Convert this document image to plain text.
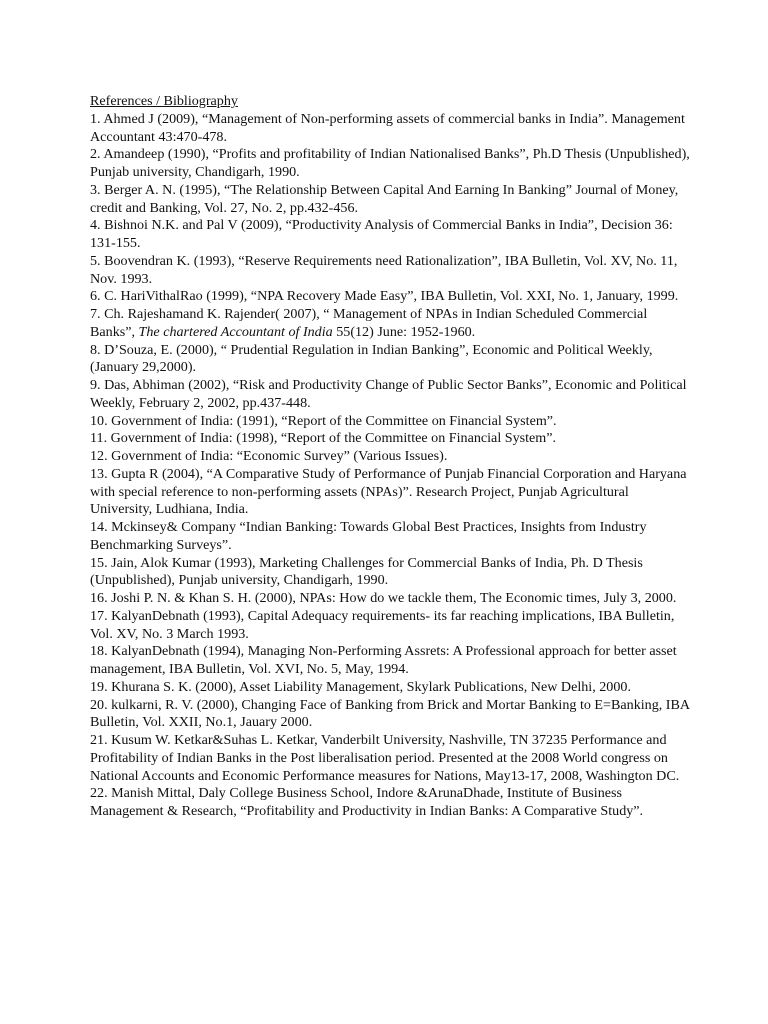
References / Bibliography
1. Ahmed J (2009), “Management of Non-performing assets of commercial banks in India”. Management Accountant 43:470-478.
2. Amandeep (1990), “Profits and profitability of Indian Nationalised Banks”, Ph.D Thesis (Unpublished), Punjab university, Chandigarh, 1990.
3. Berger A. N. (1995), “The Relationship Between Capital And Earning In Banking” Journal of Money, credit and Banking, Vol. 27, No. 2, pp.432-456.
4. Bishnoi N.K. and Pal V (2009), “Productivity Analysis of Commercial Banks in India”, Decision 36: 131-155.
5. Boovendran K. (1993), “Reserve Requirements need Rationalization”, IBA Bulletin, Vol. XV, No. 11, Nov. 1993.
6. C. HariVithalRao (1999), “NPA Recovery Made Easy”, IBA Bulletin, Vol. XXI, No. 1, January, 1999.
7. Ch. Rajeshamand K. Rajender( 2007), “ Management of NPAs in Indian Scheduled Commercial Banks”, The chartered Accountant of India 55(12) June: 1952-1960.
8. D’Souza, E. (2000), “ Prudential Regulation in Indian Banking”, Economic and Political Weekly, (January 29,2000).
9. Das, Abhiman (2002), “Risk and Productivity Change of Public Sector Banks”, Economic and Political Weekly, February 2, 2002, pp.437-448.
10. Government of India: (1991), “Report of the Committee on Financial System”.
11. Government of India: (1998), “Report of the Committee on Financial System”.
12. Government of India: “Economic Survey” (Various Issues).
13. Gupta R (2004), “A Comparative Study of Performance of Punjab Financial Corporation and Haryana with special reference to non-performing assets (NPAs)”. Research Project, Punjab Agricultural University, Ludhiana, India.
14. Mckinsey& Company “Indian Banking: Towards Global Best Practices, Insights from Industry Benchmarking Surveys”.
15. Jain, Alok Kumar (1993), Marketing Challenges for Commercial Banks of India, Ph. D Thesis (Unpublished), Punjab university, Chandigarh, 1990.
16. Joshi P. N. & Khan S. H. (2000), NPAs: How do we tackle them, The Economic times, July 3, 2000.
17. KalyanDebnath (1993), Capital Adequacy requirements- its far reaching implications, IBA Bulletin, Vol. XV, No. 3 March 1993.
18. KalyanDebnath (1994), Managing Non-Performing Assrets: A Professional approach for better asset management, IBA Bulletin, Vol. XVI, No. 5, May, 1994.
19. Khurana S. K. (2000), Asset Liability Management, Skylark Publications, New Delhi, 2000.
20. kulkarni, R. V. (2000), Changing Face of Banking from Brick and Mortar Banking to E=Banking, IBA Bulletin, Vol. XXII, No.1, Jauary 2000.
21. Kusum W. Ketkar&Suhas L. Ketkar, Vanderbilt University, Nashville, TN 37235 Performance and Profitability of Indian Banks in the Post liberalisation period. Presented at the 2008 World congress on National Accounts and Economic Performance measures for Nations, May13-17, 2008, Washington DC.
22. Manish Mittal, Daly College Business School, Indore &ArunaDhade, Institute of Business Management & Research, “Profitability and Productivity in Indian Banks: A Comparative Study”.
